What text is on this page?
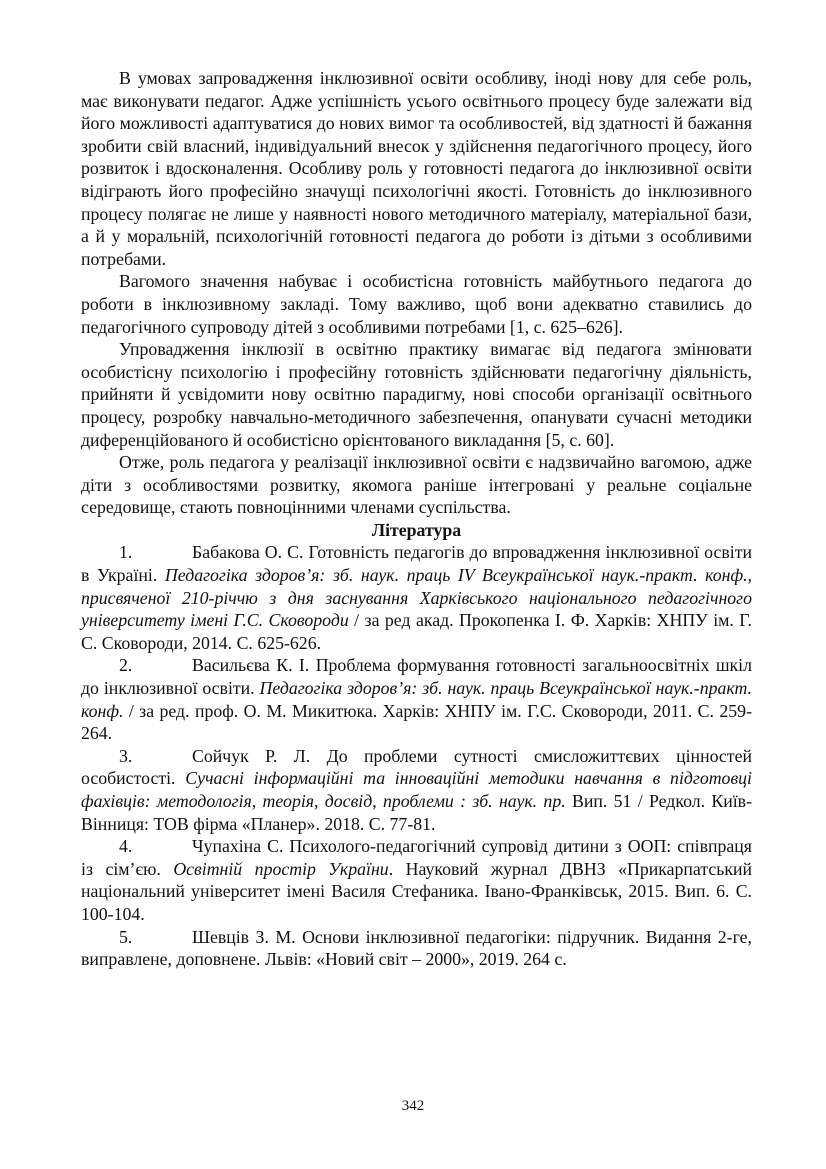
В умовах запровадження інклюзивної освіти особливу, іноді нову для себе роль, має виконувати педагог. Адже успішність усього освітнього процесу буде залежати від його можливості адаптуватися до нових вимог та особливостей, від здатності й бажання зробити свій власний, індивідуальний внесок у здійснення педагогічного процесу, його розвиток і вдосконалення. Особливу роль у готовності педагога до інклюзивної освіти відіграють його професійно значущі психологічні якості. Готовність до інклюзивного процесу полягає не лише у наявності нового методичного матеріалу, матеріальної бази, а й у моральній, психологічній готовності педагога до роботи із дітьми з особливими потребами.

Вагомого значення набуває і особистісна готовність майбутнього педагога до роботи в інклюзивному закладі. Тому важливо, щоб вони адекватно ставились до педагогічного супроводу дітей з особливими потребами [1, с. 625–626].

Упровадження інклюзії в освітню практику вимагає від педагога змінювати особистісну психологію і професійну готовність здійснювати педагогічну діяльність, прийняти й усвідомити нову освітню парадигму, нові способи організації освітнього процесу, розробку навчально-методичного забезпечення, опанувати сучасні методики диференційованого й особистісно орієнтованого викладання [5, с. 60].

Отже, роль педагога у реалізації інклюзивної освіти є надзвичайно вагомою, адже діти з особливостями розвитку, якомога раніше інтегровані у реальне соціальне середовище, стають повноцінними членами суспільства.

Література

1.	Бабакова О. С. Готовність педагогів до впровадження інклюзивної освіти в Україні. Педагогіка здоров’я: зб. наук. праць IV Всеукраїнської наук.-практ. конф., присвяченої 210-річчю з дня заснування Харківського національного педагогічного університету імені Г.С. Сковороди / за ред акад. Прокопенка І. Ф. Харків: ХНПУ ім. Г. С. Сковороди, 2014. С. 625-626.

2.	Васильєва К. І. Проблема формування готовності загальноосвітніх шкіл до інклюзивної освіти. Педагогіка здоров’я: зб. наук. праць Всеукраїнської наук.-практ. конф. / за ред. проф. О. М. Микитюка. Харків: ХНПУ ім. Г.С. Сковороди, 2011. С. 259- 264.

3.	Сойчук Р. Л. До проблеми сутності смисложиттєвих цінностей особистості. Сучасні інформаційні та інноваційні методики навчання в підготовці фахівців: методологія, теорія, досвід, проблеми : зб. наук. пр. Вип. 51 / Редкол. Київ-Вінниця: ТОВ фірма «Планер». 2018. С. 77-81.

4.	Чупахіна С. Психолого-педагогічний супровід дитини з ООП: співпраця із сім’єю. Освітній простір України. Науковий журнал ДВНЗ «Прикарпатський національний університет імені Василя Стефаника. Івано-Франківськ, 2015. Вип. 6. С. 100-104.

5.	Шевців З. М. Основи інклюзивної педагогіки: підручник. Видання 2-ге, виправлене, доповнене. Львів: «Новий світ – 2000», 2019. 264 с.

342
